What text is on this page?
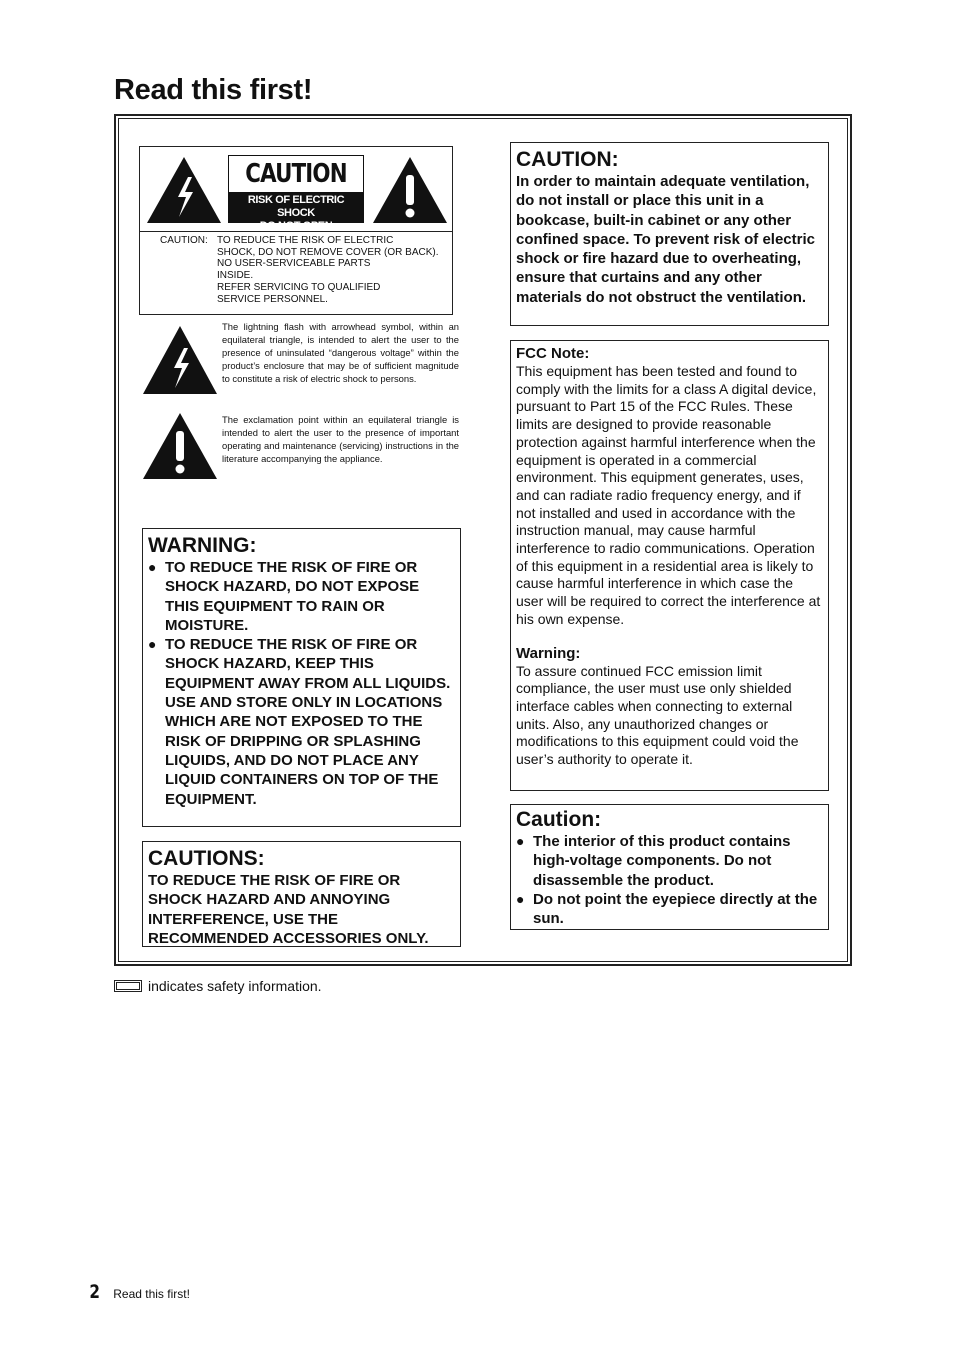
Read this first!
CAUTION
RISK OF ELECTRIC SHOCK
DO NOT OPEN
CAUTION: TO REDUCE THE RISK OF ELECTRIC
SHOCK, DO NOT REMOVE COVER (OR BACK).
NO USER-SERVICEABLE PARTS
INSIDE.
REFER SERVICING TO QUALIFIED
SERVICE PERSONNEL.
The lightning flash with arrowhead symbol, within an equilateral triangle, is intended to alert the user to the presence of uninsulated “dangerous voltage” within the product’s enclosure that may be of sufficient magnitude to constitute a risk of electric shock to persons.
The exclamation point within an equilateral triangle is intended to alert the user to the presence of important operating and maintenance (servicing) instructions in the literature accompanying the appliance.

WARNING:

● TO REDUCE THE RISK OF FIRE OR SHOCK HAZARD, DO NOT EXPOSE THIS EQUIPMENT TO RAIN OR MOISTURE.
● TO REDUCE THE RISK OF FIRE OR SHOCK HAZARD, KEEP THIS EQUIPMENT AWAY FROM ALL LIQUIDS. USE AND STORE ONLY IN LOCATIONS WHICH ARE NOT EXPOSED TO THE RISK OF DRIPPING OR SPLASHING LIQUIDS, AND DO NOT PLACE ANY LIQUID CONTAINERS ON TOP OF THE EQUIPMENT.

CAUTIONS:

TO REDUCE THE RISK OF FIRE OR SHOCK HAZARD AND ANNOYING INTERFERENCE, USE THE RECOMMENDED ACCESSORIES ONLY.

CAUTION:

In order to maintain adequate ventilation, do not install or place this unit in a bookcase, built-in cabinet or any other confined space. To prevent risk of electric shock or fire hazard due to overheating, ensure that curtains and any other materials do not obstruct the ventilation.

FCC Note:

This equipment has been tested and found to comply with the limits for a class A digital device, pursuant to Part 15 of the FCC Rules. These limits are designed to provide reasonable protection against harmful interference when the equipment is operated in a commercial environment. This equipment generates, uses, and can radiate radio frequency energy, and if not installed and used in accordance with the instruction manual, may cause harmful interference to radio communications. Operation of this equipment in a residential area is likely to cause harmful interference in which case the user will be required to correct the interference at his own expense.

Warning:

To assure continued FCC emission limit compliance, the user must use only shielded interface cables when connecting to external units. Also, any unauthorized changes or modifications to this equipment could void the user’s authority to operate it.

Caution:

● The interior of this product contains high-voltage components. Do not disassemble the product.
● Do not point the eyepiece directly at the sun.
indicates safety information.
2 Read this first!
